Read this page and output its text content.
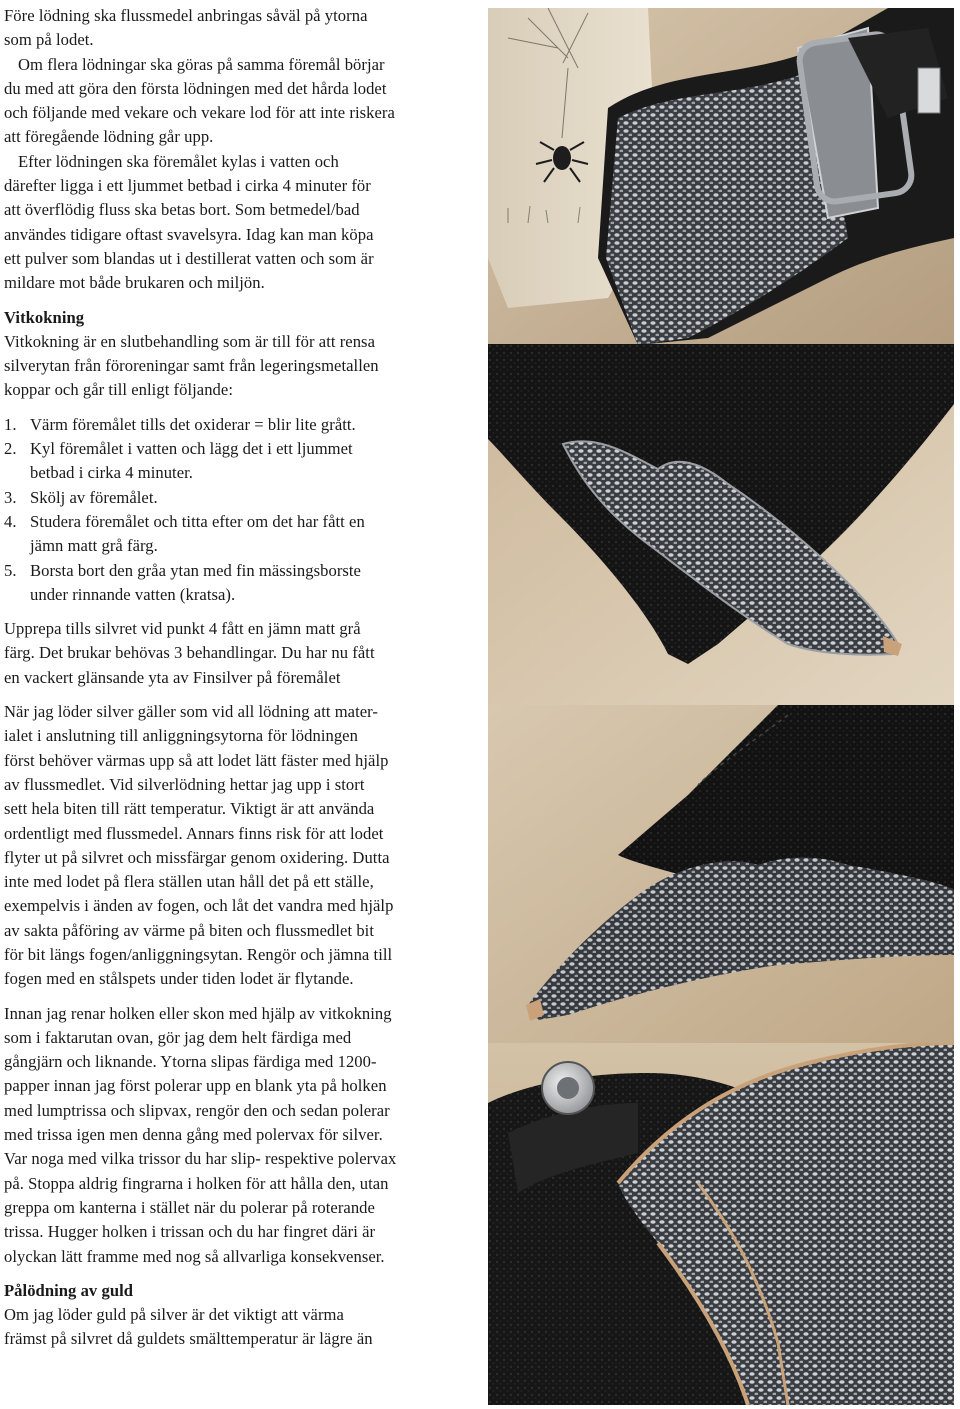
Före lödning ska flussmedel anbringas såväl på ytorna
som på lodet.

Om flera lödningar ska göras på samma föremål börjar
du med att göra den första lödningen med det hårda lodet
och följande med vekare och vekare lod för att inte riskera
att föregående lödning går upp.

Efter lödningen ska föremålet kylas i vatten och
därefter ligga i ett ljummet betbad i cirka 4 minuter för
att överflödig fluss ska betas bort. Som betmedel/bad
användes tidigare oftast svavelsyra. Idag kan man köpa
ett pulver som blandas ut i destillerat vatten och som är
mildare mot både brukaren och miljön.

Vitkokning

Vitkokning är en slutbehandling som är till för att rensa
silverytan från föroreningar samt från legeringsmetallen
koppar och går till enligt följande:

1. Värm föremålet tills det oxiderar = blir lite grått.
2. Kyl föremålet i vatten och lägg det i ett ljummet
betbad i cirka 4 minuter.
3. Skölj av föremålet.
4. Studera föremålet och titta efter om det har fått en
jämn matt grå färg.
5. Borsta bort den gråa ytan med fin mässingsborste
under rinnande vatten (kratsa).

Upprepa tills silvret vid punkt 4 fått en jämn matt grå
färg. Det brukar behövas 3 behandlingar. Du har nu fått
en vackert glänsande yta av Finsilver på föremålet

När jag löder silver gäller som vid all lödning att mater-
ialet i anslutning till anliggningsytorna för lödningen
först behöver värmas upp så att lodet lätt fäster med hjälp
av flussmedlet. Vid silverlödning hettar jag upp i stort
sett hela biten till rätt temperatur. Viktigt är att använda
ordentligt med flussmedel. Annars finns risk för att lodet
flyter ut på silvret och missfärgar genom oxidering. Dutta
inte med lodet på flera ställen utan håll det på ett ställe,
exempelvis i änden av fogen, och låt det vandra med hjälp
av sakta påföring av värme på biten och flussmedlet bit
för bit längs fogen/anliggningsytan. Rengör och jämna till
fogen med en stålspets under tiden lodet är flytande.

Innan jag renar holken eller skon med hjälp av vitkokning
som i faktarutan ovan, gör jag dem helt färdiga med
gångjärn och liknande. Ytorna slipas färdiga med 1200-
papper innan jag först polerar upp en blank yta på holken
med lumptrissa och slipvax, rengör den och sedan polerar
med trissa igen men denna gång med polervax för silver.
Var noga med vilka trissor du har slip- respektive polervax
på. Stoppa aldrig fingrarna i holken för att hålla den, utan
greppa om kanterna i stället när du polerar på roterande
trissa. Hugger holken i trissan och du har fingret däri är
olyckan lätt framme med nog så allvarliga konsekvenser.

Pålödning av guld

Om jag löder guld på silver är det viktigt att värma
främst på silvret då guldets smälttemperatur är lägre än
